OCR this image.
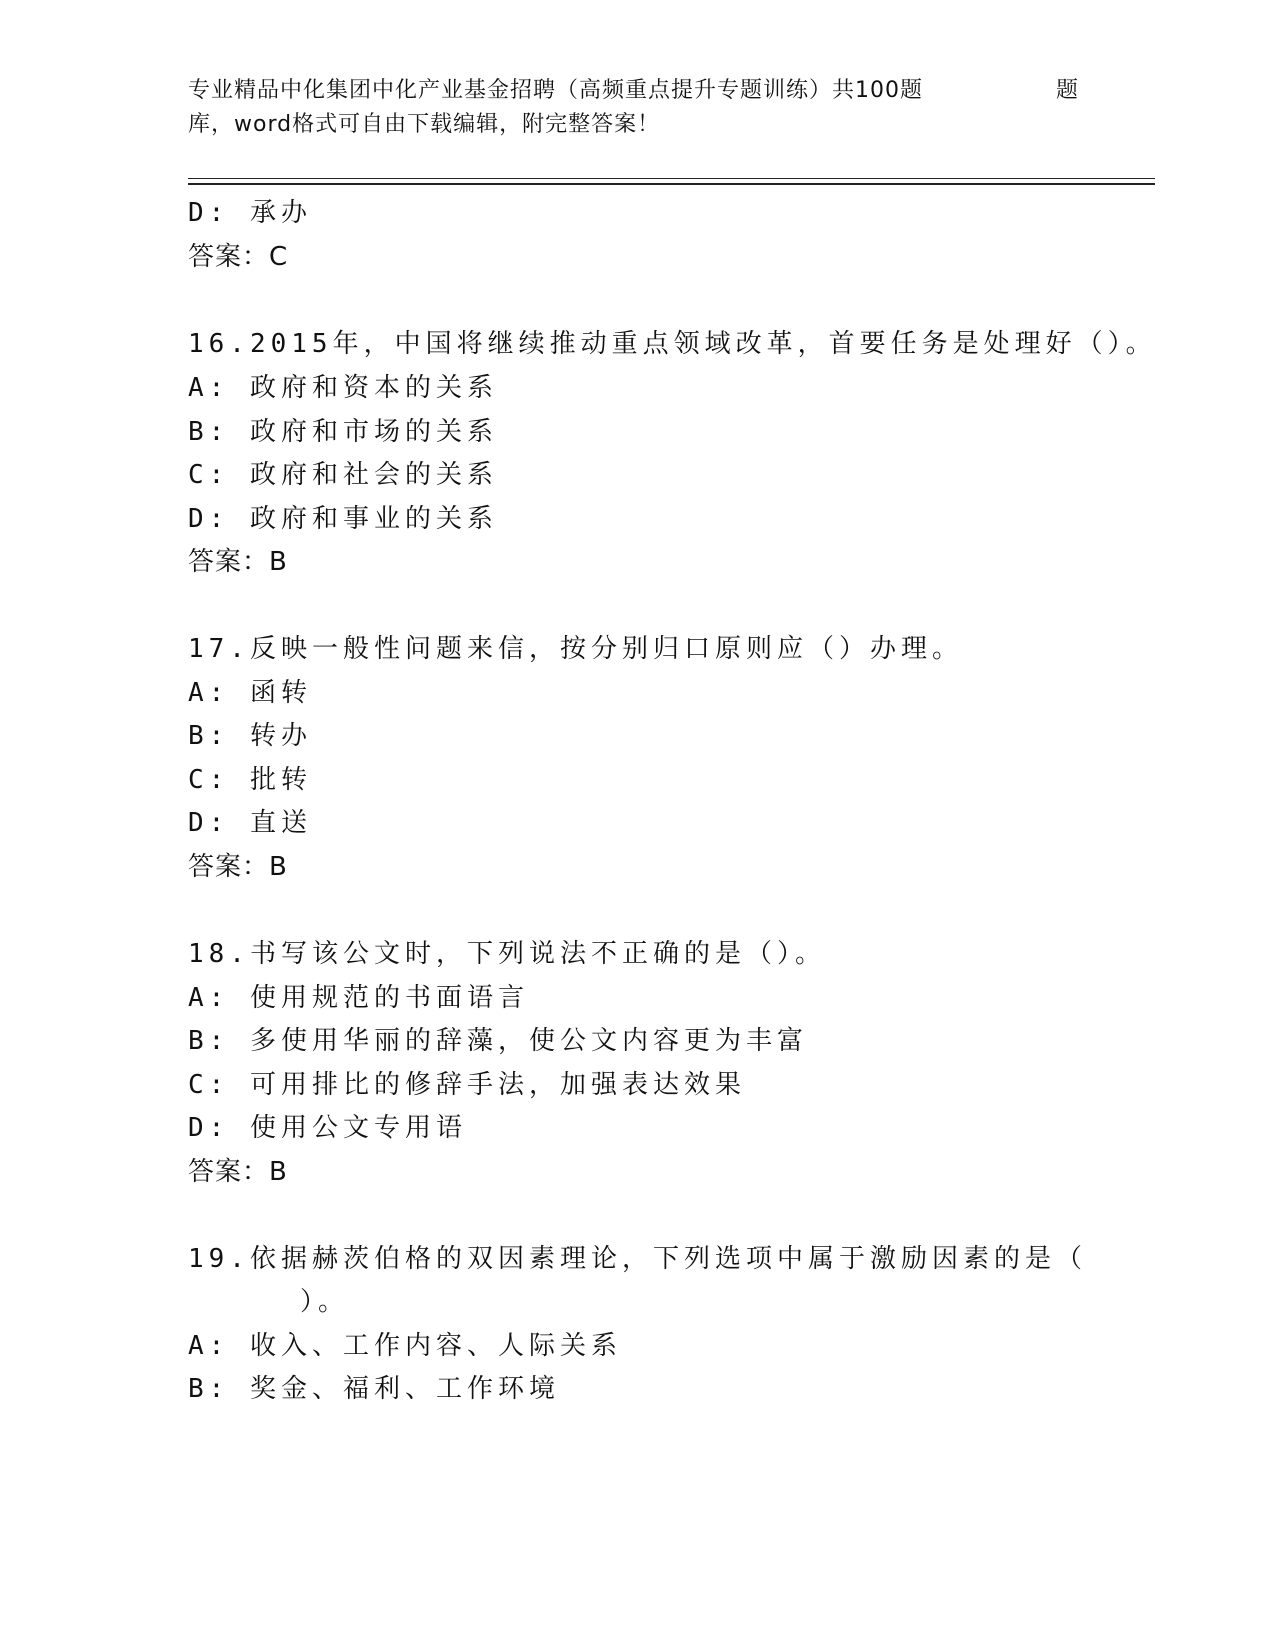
专业精品中化集团中化产业基金招聘（高频重点提升专题训练）共100题	题
库，word格式可自由下载编辑，附完整答案！
D: 承办
答案：C
16.2015年，中国将继续推动重点领域改革，首要任务是处理好（）。
A: 政府和资本的关系
B: 政府和市场的关系
C: 政府和社会的关系
D: 政府和事业的关系
答案：B
17.反映一般性问题来信，按分别归口原则应（）办理。
A: 函转
B: 转办
C: 批转
D: 直送
答案：B
18.书写该公文时，下列说法不正确的是（）。
A: 使用规范的书面语言
B: 多使用华丽的辞藻，使公文内容更为丰富
C: 可用排比的修辞手法，加强表达效果
D: 使用公文专用语
答案：B
19.依据赫茨伯格的双因素理论，下列选项中属于激励因素的是（
）。
A: 收入、工作内容、人际关系
B: 奖金、福利、工作环境
